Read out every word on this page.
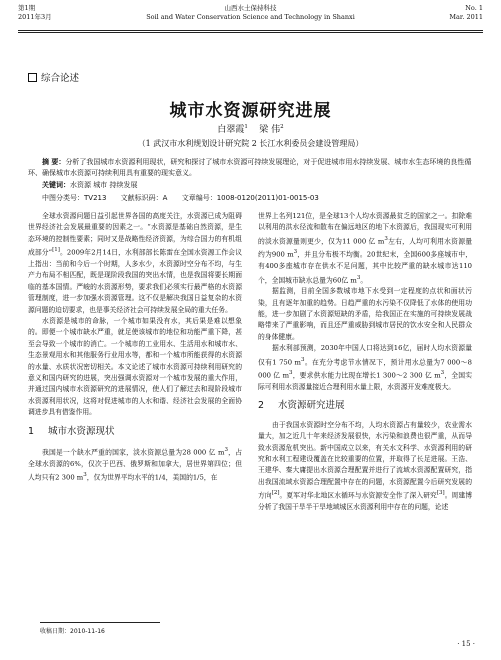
第1期
2011年3月
山西水土保持科技
Soil and Water Conservation Science and Technology in Shanxi
No. 1
Mar. 2011
综合论述
城市水资源研究进展
白翠霞$^1$ 梁 伟$^2$
（1 武汉市水利规划设计研究院 2 长江水利委员会建设管理局）
摘 要：分析了我国城市水资源利用现状，研究和探讨了城市水资源可持续发展理论，对于促进城市用水持续发展、城市水生态环境的良性循环、确保城市水资源可持续利用具有重要的现实意义。
关键词：水资源 城市 持续发展
中图分类号：TV213 文献标识码：A 文章编号：1008-0120(2011)01-0015-03

全球水资源问题日益引起世界各国的高度关注，水资源已成为阻碍世界经济社会发展最重要的因素之一。“水资源是基础自然资源，是生态环境的控制性要素；同时又是战略性经济资源，为综合国力的有机组成部分”[1]。2009年2月14日，水利部部长陈雷在全国水资源工作会议上指出：当前和今后一个时期，人多水少，水资源时空分布不均，与生产力布局不相匹配，既是现阶段我国的突出水情，也是我国将要长期面临的基本国情。严峻的水资源形势，要求我们必须实行最严格的水资源管理制度，进一步加强水资源管理。这不仅是解决我国日益复杂的水资源问题的迫切要求，也是事关经济社会可持续发展全局的重大任务。

水资源是城市的命脉，一个城市如果没有水，其后果是难以想象的。即便一个城市缺水严重，就足使该城市的地位和功能严重下降，甚至会导致一个城市的消亡。一个城市的工业用水、生活用水和城市水、生态景观用水和其他服务行业用水等，都和一个城市所能获得的水资源的水量、水质状况密切相关。本文论述了城市水资源可持续利用研究的意义和国内研究的进展，突出强调水资源对一个城市发展的重大作用，并通过国内城市水资源研究的进展情况，使人们了解过去和现阶段城市水资源利用状况，这将对促进城市的人水和谐、经济社会发展的全面协调进步具有借鉴作用。

1 城市水资源现状

我国是一个缺水严重的国家，淡水资源总量为28 000 亿 $m^3$，占全球水资源的6%，仅次于巴西、俄罗斯和加拿大，居世界第四位；但人均只有2 300 $m^3$，仅为世界平均水平的1/4，美国的1/5，在

世界上名列121位，是全球13个人均水资源最贫乏的国家之一。扣除难以利用的洪水径流和散布在偏远地区的地下水资源后，我国现实可利用的淡水资源量则更少，仅为11 000 亿 $m^3$左右，人均可利用水资源量约为900 $m^3$，并且分布极不均衡。20世纪末，全国600多座城市中，有400多座城市存在供水不足问题，其中比较严重的缺水城市达110个，全国城市缺水总量为60亿 $m^3$。

据监测，目前全国多数城市地下水受到一定程度的点状和面状污染，且有逐年加重的趋势。日趋严重的水污染不仅降低了水体的使用功能，进一步加剧了水资源短缺的矛盾，给我国正在实施的可持续发展战略带来了严重影响，而且还严重威胁到城市居民的饮水安全和人民群众的身体健康。

据水利部预测，2030年中国人口将达到16亿，届时人均水资源量仅有1 750 $m^3$。在充分考虑节水情况下，预计用水总量为7 000～8 000 亿 $m^3$，要求供水能力比现在增长1 300～2 300 亿 $m^3$，全国实际可利用水资源量接近合理利用水量上限，水资源开发难度极大。

2 水资源研究进展

由于我国水资源时空分布不均，人均水资源占有量较少，农业需水量大，加之近几十年来经济发展很快，水污染和浪费也很严重，从而导致水资源危机突出。新中国成立以来，有关水文科学、水资源利用的研究和水利工程建设覆盖在比较重要的位置，并取得了长足进展。王浩、王建华、秦大庸提出水资源合理配置并进行了流域水资源配置研究，指出我国流域水资源合理配置中存在的问题，水资源配置今后研究发展的方向[2]。夏军对华北地区水循环与水资源安全作了深入研究[3]。周建博分析了我国干旱半干旱地域城区水资源利用中存在的问题，论述

收稿日期：2010-11-16
· 15 ·
